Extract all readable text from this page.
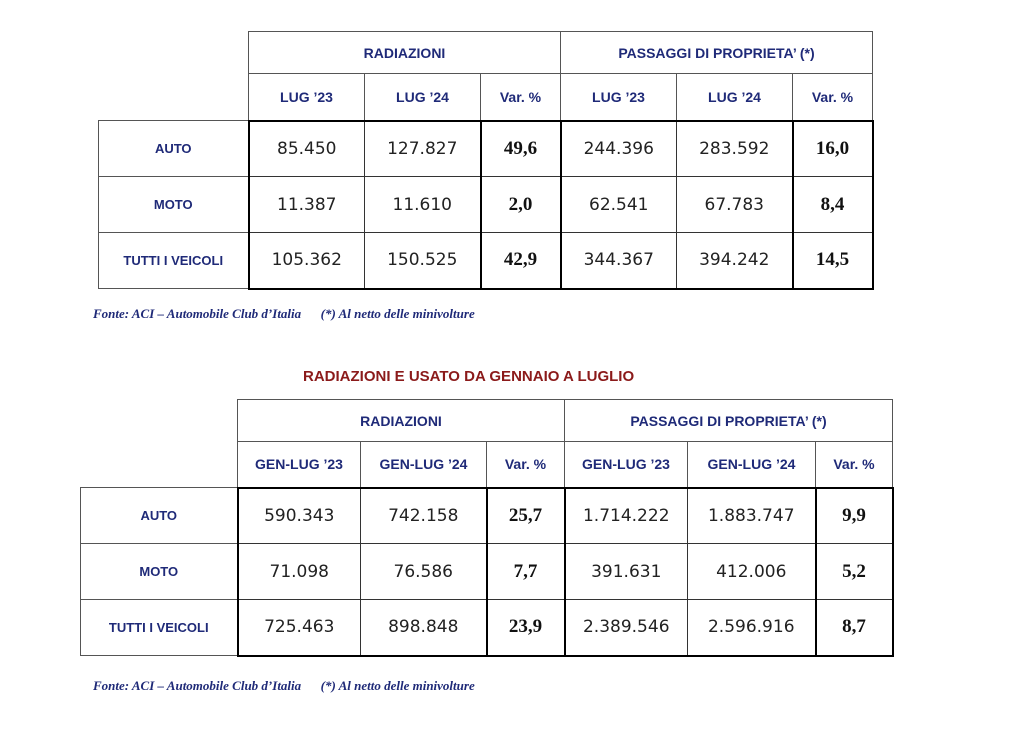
	RADIAZIONI			PASSAGGI DI PROPRIETA’ (*)		
	LUG ’23	LUG ’24	Var. %	LUG ’23	LUG ’24	Var. %
AUTO	85.450	127.827	49,6	244.396	283.592	16,0
MOTO	11.387	11.610	2,0	62.541	67.783	8,4
TUTTI I VEICOLI	105.362	150.525	42,9	344.367	394.242	14,5
Fonte: ACI – Automobile Club d’Italia      (*) Al netto delle minivolture
RADIAZIONI E USATO DA GENNAIO A LUGLIO
	RADIAZIONI			PASSAGGI DI PROPRIETA’ (*)		
	GEN-LUG ’23	GEN-LUG ’24	Var. %	GEN-LUG ’23	GEN-LUG ’24	Var. %
AUTO	590.343	742.158	25,7	1.714.222	1.883.747	9,9
MOTO	71.098	76.586	7,7	391.631	412.006	5,2
TUTTI I VEICOLI	725.463	898.848	23,9	2.389.546	2.596.916	8,7
Fonte: ACI – Automobile Club d’Italia      (*) Al netto delle minivolture
